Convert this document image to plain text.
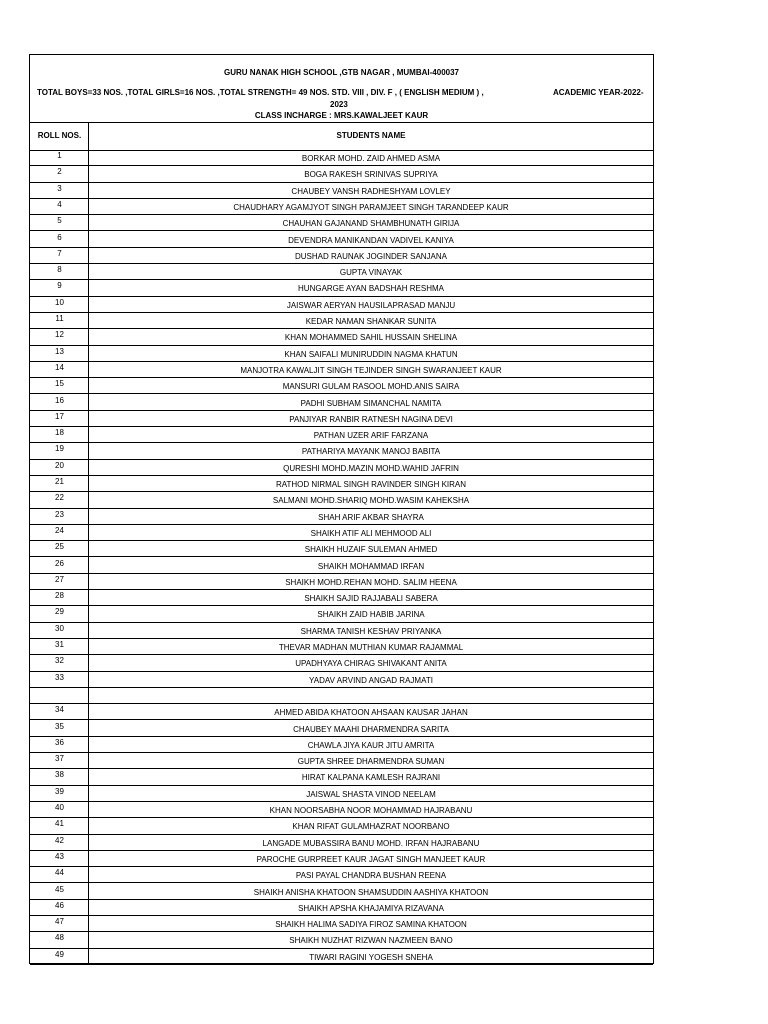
GURU NANAK HIGH SCHOOL ,GTB NAGAR , MUMBAI-400037
TOTAL BOYS=33 NOS. ,TOTAL GIRLS=16 NOS. ,TOTAL STRENGTH= 49 NOS. STD. VIII , DIV. F , ( ENGLISH MEDIUM ) ,	ACADEMIC YEAR-2022-
2023
CLASS INCHARGE : MRS.KAWALJEET KAUR
ROLL NOS.	STUDENTS NAME
1	BORKAR MOHD. ZAID AHMED ASMA
2	BOGA RAKESH SRINIVAS SUPRIYA
3	CHAUBEY VANSH RADHESHYAM LOVLEY
4	CHAUDHARY AGAMJYOT SINGH PARAMJEET SINGH TARANDEEP KAUR
5	CHAUHAN GAJANAND SHAMBHUNATH GIRIJA
6	DEVENDRA MANIKANDAN VADIVEL KANIYA
7	DUSHAD RAUNAK JOGINDER SANJANA
8	GUPTA VINAYAK
9	HUNGARGE AYAN BADSHAH RESHMA
10	JAISWAR AERYAN HAUSILAPRASAD MANJU
11	KEDAR NAMAN SHANKAR SUNITA
12	KHAN MOHAMMED SAHIL HUSSAIN SHELINA
13	KHAN SAIFALI MUNIRUDDIN NAGMA KHATUN
14	MANJOTRA KAWALJIT SINGH TEJINDER SINGH SWARANJEET KAUR
15	MANSURI GULAM RASOOL MOHD.ANIS SAIRA
16	PADHI SUBHAM SIMANCHAL NAMITA
17	PANJIYAR RANBIR RATNESH NAGINA DEVI
18	PATHAN UZER ARIF FARZANA
19	PATHARIYA MAYANK MANOJ BABITA
20	QURESHI MOHD.MAZIN MOHD.WAHID JAFRIN
21	RATHOD NIRMAL SINGH RAVINDER SINGH KIRAN
22	SALMANI MOHD.SHARIQ MOHD.WASIM KAHEKSHA
23	SHAH ARIF AKBAR SHAYRA
24	SHAIKH ATIF ALI MEHMOOD ALI
25	SHAIKH HUZAIF SULEMAN AHMED
26	SHAIKH MOHAMMAD IRFAN
27	SHAIKH MOHD.REHAN MOHD. SALIM HEENA
28	SHAIKH SAJID RAJJABALI SABERA
29	SHAIKH ZAID HABIB JARINA
30	SHARMA TANISH KESHAV PRIYANKA
31	THEVAR MADHAN MUTHIAN KUMAR RAJAMMAL
32	UPADHYAYA CHIRAG SHIVAKANT ANITA
33	YADAV ARVIND ANGAD RAJMATI
34	AHMED ABIDA KHATOON AHSAAN KAUSAR JAHAN
35	CHAUBEY MAAHI DHARMENDRA SARITA
36	CHAWLA JIYA KAUR JITU AMRITA
37	GUPTA SHREE DHARMENDRA SUMAN
38	HIRAT KALPANA KAMLESH RAJRANI
39	JAISWAL SHASTA VINOD NEELAM
40	KHAN NOORSABHA NOOR MOHAMMAD HAJRABANU
41	KHAN RIFAT GULAMHAZRAT NOORBANO
42	LANGADE MUBASSIRA BANU MOHD. IRFAN HAJRABANU
43	PAROCHE GURPREET KAUR JAGAT SINGH MANJEET KAUR
44	PASI PAYAL CHANDRA BUSHAN REENA
45	SHAIKH ANISHA KHATOON SHAMSUDDIN AASHIYA KHATOON
46	SHAIKH APSHA KHAJAMIYA RIZAVANA
47	SHAIKH HALIMA SADIYA FIROZ SAMINA KHATOON
48	SHAIKH NUZHAT RIZWAN NAZMEEN BANO
49	TIWARI RAGINI YOGESH SNEHA
